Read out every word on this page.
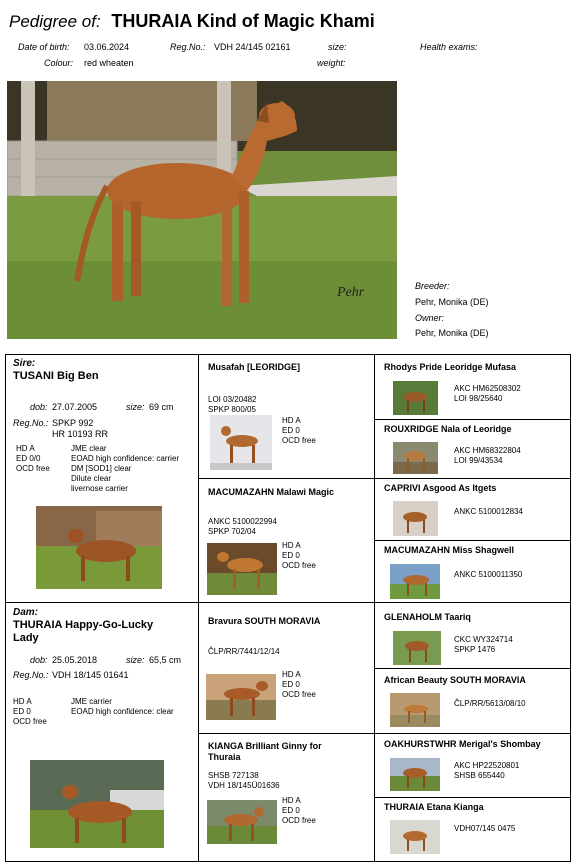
Pedigree of: THURAIA Kind of Magic Khami
Date of birth: 03.06.2024
Colour: red wheaten
Reg.No.: VDH 24/145 02161	size:
weight:
Health exams:
Pehr	Breeder:
Pehr, Monika (DE)
Owner:
Pehr, Monika (DE)
Sire:
TUSANI Big Ben
dob: 27.07.2005	size: 69 cm
Reg.No.: SPKP 992
HR 10193 RR
HD A
ED 0/0
OCD free
JME clear
EOAD high confidence: carrier
DM [SOD1] clear
Dilute clear
livernose carrier
Dam:
THURAIA Happy-Go-Lucky
Lady
dob: 25.05.2018	size: 65,5 cm
Reg.No.: VDH 18/145 01641
HD A
ED 0
OCD free
JME carrier
EOAD high confidence: clear
Musafah [LEORIDGE]
LOI 03/20482
SPKP 800/05
HD A
ED 0
OCD free
MACUMAZAHN Malawi Magic
ANKC 5100022994
SPKP 702/04
HD A
ED 0
OCD free
Bravura SOUTH MORAVIA
ČLP/RR/7441/12/14
HD A
ED 0
OCD free
KIANGA Brilliant Ginny for
Thuraia
SHSB 727138
VDH 18/145Ü01636
HD A
ED 0
OCD free
Rhodys Pride Leoridge Mufasa
AKC HM62508302
LOI 98/25640
ROUXRIDGE Nala of Leoridge
AKC HM68322804
LOI 99/43534
CAPRIVI Asgood As Itgets
ANKC 5100012834
MACUMAZAHN Miss Shagwell
ANKC 5100011350
GLENAHOLM Taariq
CKC WY324714
SPKP 1476
African Beauty SOUTH MORAVIA
ČLP/RR/5613/08/10
OAKHURSTWHR Merigal's Shombay
AKC HP22520801
SHSB 655440
THURAIA Etana Kianga
VDH07/145 0475
